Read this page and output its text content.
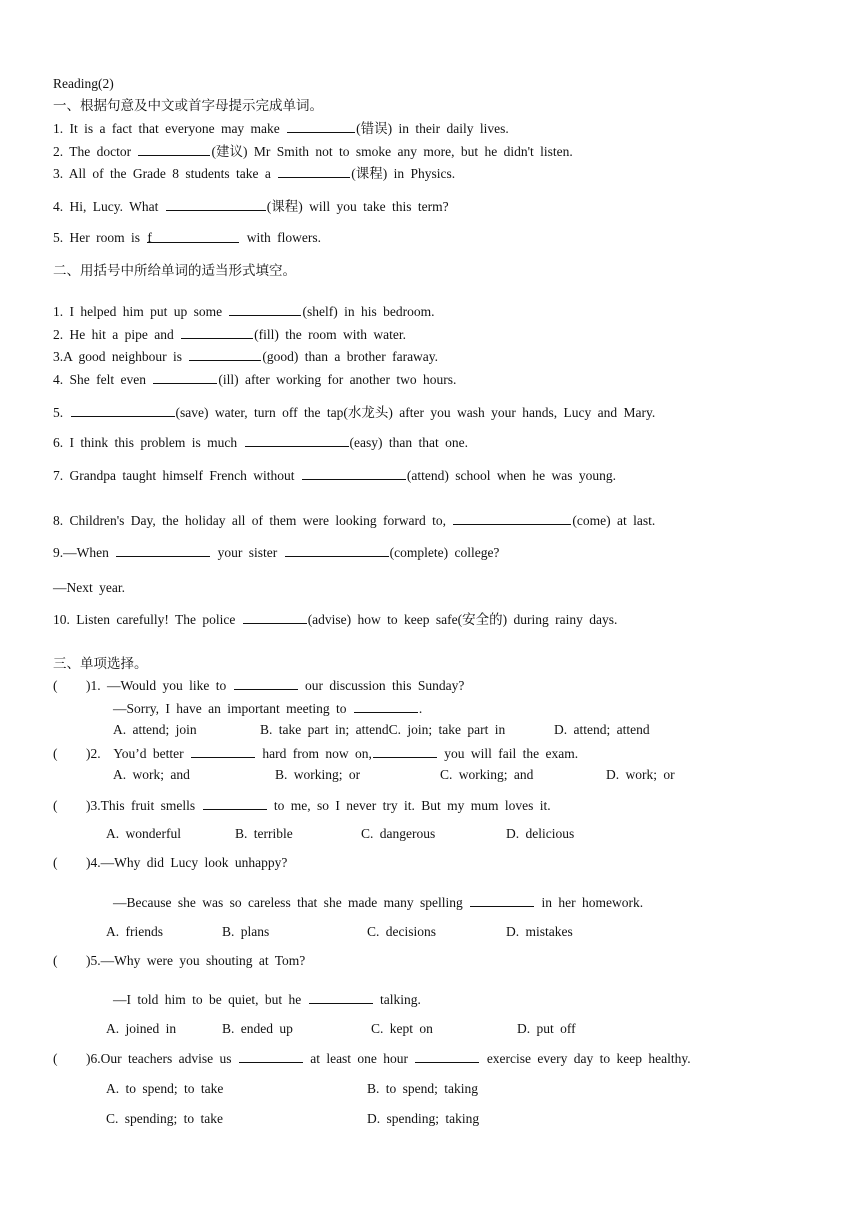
Reading(2)
一、根据句意及中文或首字母提示完成单词。
1. It is a fact that everyone may make	(错误) in their daily lives.
2. The doctor	(建议) Mr Smith not to smoke any more, but he didn't listen.
3. All of the Grade 8 students take a	(课程) in Physics.
4. Hi, Lucy. What	(课程) will you take this term?
5. Her room is f	with flowers.
二、用括号中所给单词的适当形式填空。
1. I helped him put up some	(shelf) in his bedroom.
2. He hit a pipe and	(fill) the room with water.
3.A good neighbour is	(good) than a brother faraway.
4. She felt even	(ill) after working for another two hours.
5.	(save) water, turn off the tap(水龙头) after you wash your hands, Lucy and Mary.
6. I think this problem is much	(easy) than that one.
7. Grandpa taught himself French without	(attend) school when he was young.
8. Children's Day, the holiday all of them were looking forward to,	(come) at last.
9.—When	your sister	(complete) college?
—Next year.
10. Listen carefully! The police	(advise) how to keep safe(安全的) during rainy days.
三、单项选择。
( )1. —Would you like to	our discussion this Sunday?
—Sorry, I have an important meeting to	.
A. attend; join	B. take part in; attendC. join; take part in	D. attend; attend
( )2. You’d better	hard from now on,	you will fail the exam.
A. work; and	B. working; or	C. working; and	D. work; or
( )3.This fruit smells	to me, so I never try it. But my mum loves it.
A. wonderful	B. terrible	C. dangerous	D. delicious
( )4.—Why did Lucy look unhappy?
—Because she was so careless that she made many spelling	in her homework.
A. friends	B. plans	C. decisions	D. mistakes
( )5.—Why were you shouting at Tom?
—I told him to be quiet, but he	talking.
A. joined in	B. ended up	C. kept on	D. put off
( )6.Our teachers advise us	at least one hour	exercise every day to keep healthy.
A. to spend; to take	B. to spend; taking
C. spending; to take	D. spending; taking
